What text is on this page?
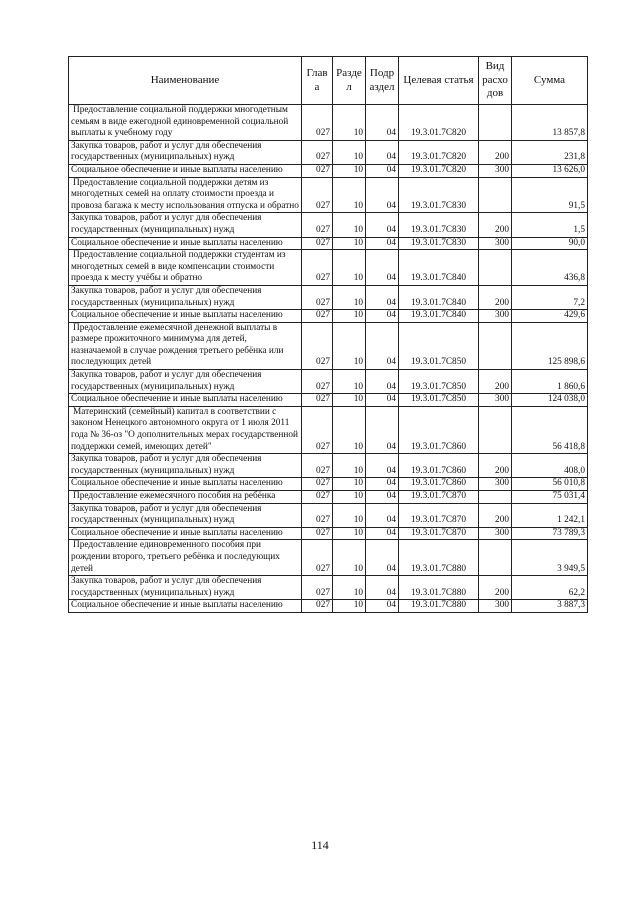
Наименование	Глав а	Разде л	Подр аздел	Целевая статья	Вид расхо дов	Сумма
Предоставление социальной поддержки многодетным семьям в виде ежегодной единовременной социальной выплаты к учебному году	027	10	04	19.3.01.7С820		13 857,8
Закупка товаров, работ и услуг для обеспечения государственных (муниципальных) нужд	027	10	04	19.3.01.7С820	200	231,8
Социальное обеспечение и иные выплаты населению	027	10	04	19.3.01.7С820	300	13 626,0
Предоставление социальной поддержки детям из многодетных семей на оплату стоимости проезда и провоза багажа к месту использования отпуска и обратно	027	10	04	19.3.01.7С830		91,5
Закупка товаров, работ и услуг для обеспечения государственных (муниципальных) нужд	027	10	04	19.3.01.7С830	200	1,5
Социальное обеспечение и иные выплаты населению	027	10	04	19.3.01.7С830	300	90,0
Предоставление социальной поддержки студентам из многодетных семей в виде компенсации стоимости проезда к месту учёбы и обратно	027	10	04	19.3.01.7С840		436,8
Закупка товаров, работ и услуг для обеспечения государственных (муниципальных) нужд	027	10	04	19.3.01.7С840	200	7,2
Социальное обеспечение и иные выплаты населению	027	10	04	19.3.01.7С840	300	429,6
Предоставление ежемесячной денежной выплаты в размере прожиточного минимума для детей, назначаемой в случае рождения третьего ребёнка или последующих детей	027	10	04	19.3.01.7С850		125 898,6
Закупка товаров, работ и услуг для обеспечения государственных (муниципальных) нужд	027	10	04	19.3.01.7С850	200	1 860,6
Социальное обеспечение и иные выплаты населению	027	10	04	19.3.01.7С850	300	124 038,0
Материнский (семейный) капитал в соответствии с законом Ненецкого автономного округа от 1 июля 2011 года № 36-оз "О дополнительных мерах государственной поддержки семей, имеющих детей"	027	10	04	19.3.01.7С860		56 418,8
Закупка товаров, работ и услуг для обеспечения государственных (муниципальных) нужд	027	10	04	19.3.01.7С860	200	408,0
Социальное обеспечение и иные выплаты населению	027	10	04	19.3.01.7С860	300	56 010,8
Предоставление ежемесячного пособия на ребёнка	027	10	04	19.3.01.7С870		75 031,4
Закупка товаров, работ и услуг для обеспечения государственных (муниципальных) нужд	027	10	04	19.3.01.7С870	200	1 242,1
Социальное обеспечение и иные выплаты населению	027	10	04	19.3.01.7С870	300	73 789,3
Предоставление единовременного пособия при рождении второго, третьего ребёнка и последующих детей	027	10	04	19.3.01.7С880		3 949,5
Закупка товаров, работ и услуг для обеспечения государственных (муниципальных) нужд	027	10	04	19.3.01.7С880	200	62,2
Социальное обеспечение и иные выплаты населению	027	10	04	19.3.01.7С880	300	3 887,3
114
